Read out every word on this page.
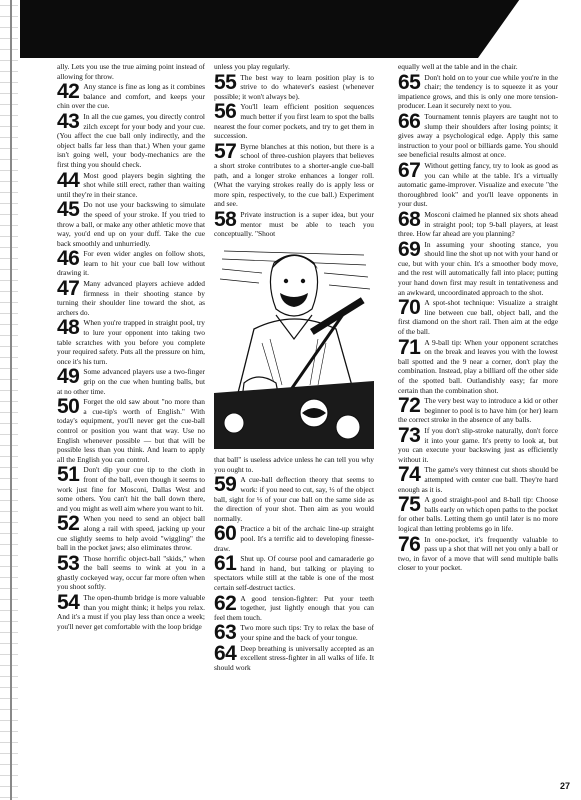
ally. Lets you use the true aiming point instead of allowing for throw.

42 Any stance is fine as long as it combines balance and comfort, and keeps your chin over the cue.
43 In all the cue games, you directly control zilch except for your body and your cue. (You affect the cue ball only indirectly, and the object balls far less than that.) When your game isn't going well, your body-mechanics are the first thing you should check.
44 Most good players begin sighting the shot while still erect, rather than waiting until they're in their stance.
45 Do not use your backswing to simulate the speed of your stroke. If you tried to throw a ball, or make any other athletic move that way, you'd end up on your duff. Take the cue back smoothly and unhurriedly.
46 For even wider angles on follow shots, learn to hit your cue ball low without drawing it.
47 Many advanced players achieve added firmness in their shooting stance by turning their shoulder line toward the shot, as archers do.
48 When you're trapped in straight pool, try to lure your opponent into taking two table scratches with you before you complete your required safety. Puts all the pressure on him, once it's his turn.
49 Some advanced players use a two-finger grip on the cue when hunting balls, but at no other time.
50 Forget the old saw about "no more than a cue-tip's worth of English." With today's equipment, you'll never get the cue-ball control or position you want that way. Use no English whenever possible — but that will be possible less than you think. And learn to apply all the English you can control.
51 Don't dip your cue tip to the cloth in front of the ball, even though it seems to work just fine for Mosconi, Dallas West and some others. You can't hit the ball down there, and you might as well aim where you want to hit.
52 When you need to send an object ball along a rail with speed, jacking up your cue slightly seems to help avoid "wiggling" the ball in the pocket jaws; also eliminates throw.
53 Those horrific object-ball "skids," when the ball seems to wink at you in a ghastly cockeyed way, occur far more often when you shoot softly.
54 The open-thumb bridge is more valuable than you might think; it helps you relax. And it's a must if you play less than once a week; you'll never get comfortable with the loop bridge

unless you play regularly.

55 The best way to learn position play is to strive to do whatever's easiest (whenever possible; it won't always be).
56 You'll learn efficient position sequences much better if you first learn to spot the balls nearest the four corner pockets, and try to get them in succession.
57 Byrne blanches at this notion, but there is a school of three-cushion players that believes a short stroke contributes to a shorter-angle cue-ball path, and a longer stroke enhances a longer roll. (What the varying strokes really do is apply less or more spin, respectively, to the cue ball.) Experiment and see.
58 Private instruction is a super idea, but your mentor must be able to teach you conceptually. "Shoot

that ball" is useless advice unless he can tell you why you ought to.

59 A cue-ball deflection theory that seems to work: if you need to cut, say, ⅓ of the object ball, sight for ⅓ of your cue ball on the same side as the direction of your shot. Then aim as you would normally.
60 Practice a bit of the archaic line-up straight pool. It's a terrific aid to developing finesse-draw.
61 Shut up. Of course pool and camaraderie go hand in hand, but talking or playing to spectators while still at the table is one of the most certain self-destruct tactics.
62 A good tension-fighter: Put your teeth together, just lightly enough that you can feel them touch.
63 Two more such tips: Try to relax the base of your spine and the back of your tongue.
64 Deep breathing is universally accepted as an excellent stress-fighter in all walks of life. It should work

equally well at the table and in the chair.

65 Don't hold on to your cue while you're in the chair; the tendency is to squeeze it as your impatience grows, and this is only one more tension-producer. Lean it securely next to you.
66 Tournament tennis players are taught not to slump their shoulders after losing points; it gives away a psychological edge. Apply this same instruction to your pool or billiards game. You should see beneficial results almost at once.
67 Without getting fancy, try to look as good as you can while at the table. It's a virtually automatic game-improver. Visualize and execute "the thoroughbred look" and you'll leave opponents in your dust.
68 Mosconi claimed he planned six shots ahead in straight pool; top 9-ball players, at least three. How far ahead are you planning?
69 In assuming your shooting stance, you should line the shot up not with your hand or cue, but with your chin. It's a smoother body move, and the rest will automatically fall into place; putting your hand down first may result in tentativeness and an awkward, uncoordinated approach to the shot.
70 A spot-shot technique: Visualize a straight line between cue ball, object ball, and the first diamond on the short rail. Then aim at the edge of the ball.
71 A 9-ball tip: When your opponent scratches on the break and leaves you with the lowest ball spotted and the 9 near a corner, don't play the combination. Instead, play a billiard off the other side of the spotted ball. Outlandishly easy; far more certain than the combination shot.
72 The very best way to introduce a kid or other beginner to pool is to have him (or her) learn the correct stroke in the absence of any balls.
73 If you don't slip-stroke naturally, don't force it into your game. It's pretty to look at, but you can execute your backswing just as efficiently without it.
74 The game's very thinnest cut shots should be attempted with center cue ball. They're hard enough as it is.
75 A good straight-pool and 8-ball tip: Choose balls early on which open paths to the pocket for other balls. Letting them go until later is no more logical than letting problems go in life.
76 In one-pocket, it's frequently valuable to pass up a shot that will net you only a ball or two, in favor of a move that will send multiple balls closer to your pocket.
27
